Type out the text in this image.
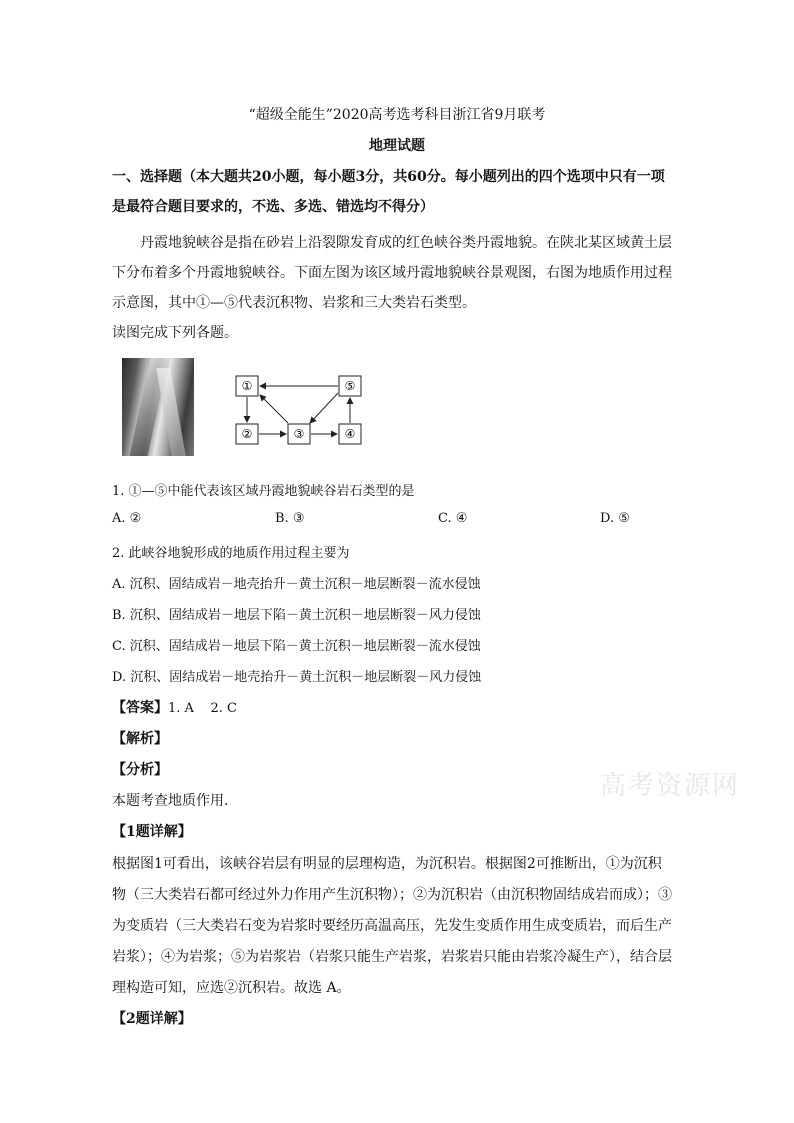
“超级全能生”2020高考选考科目浙江省9月联考
地理试题
一、选择题（本大题共20小题，每小题3分，共60分。每小题列出的四个选项中只有一项
是最符合题目要求的，不选、多选、错选均不得分）
丹霞地貌峡谷是指在砂岩上沿裂隙发育成的红色峡谷类丹霞地貌。在陕北某区域黄土层
下分布着多个丹霞地貌峡谷。下面左图为该区域丹霞地貌峡谷景观图，右图为地质作用过程
示意图，其中①—⑤代表沉积物、岩浆和三大类岩石类型。
读图完成下列各题。
①
②	③	④
⑤
1. ①—⑤中能代表该区域丹霞地貌峡谷岩石类型的是
A. ②	B. ③	C. ④	D. ⑤
2. 此峡谷地貌形成的地质作用过程主要为
A. 沉积、固结成岩－地壳抬升－黄土沉积－地层断裂－流水侵蚀
B. 沉积、固结成岩－地层下陷－黄土沉积－地层断裂－风力侵蚀
C. 沉积、固结成岩－地层下陷－黄土沉积－地层断裂－流水侵蚀
D. 沉积、固结成岩－地壳抬升－黄土沉积－地层断裂－风力侵蚀
【答案】1. A    2. C
【解析】
【分析】
本题考查地质作用.
【1题详解】
根据图1可看出，该峡谷岩层有明显的层理构造，为沉积岩。根据图2可推断出，①为沉积
物（三大类岩石都可经过外力作用产生沉积物）；②为沉积岩（由沉积物固结成岩而成）；③
为变质岩（三大类岩石变为岩浆时要经历高温高压，先发生变质作用生成变质岩，而后生产
岩浆）；④为岩浆；⑤为岩浆岩（岩浆只能生产岩浆，岩浆岩只能由岩浆冷凝生产），结合层
理构造可知，应选②沉积岩。故选 A。
【2题详解】
高考资源网
